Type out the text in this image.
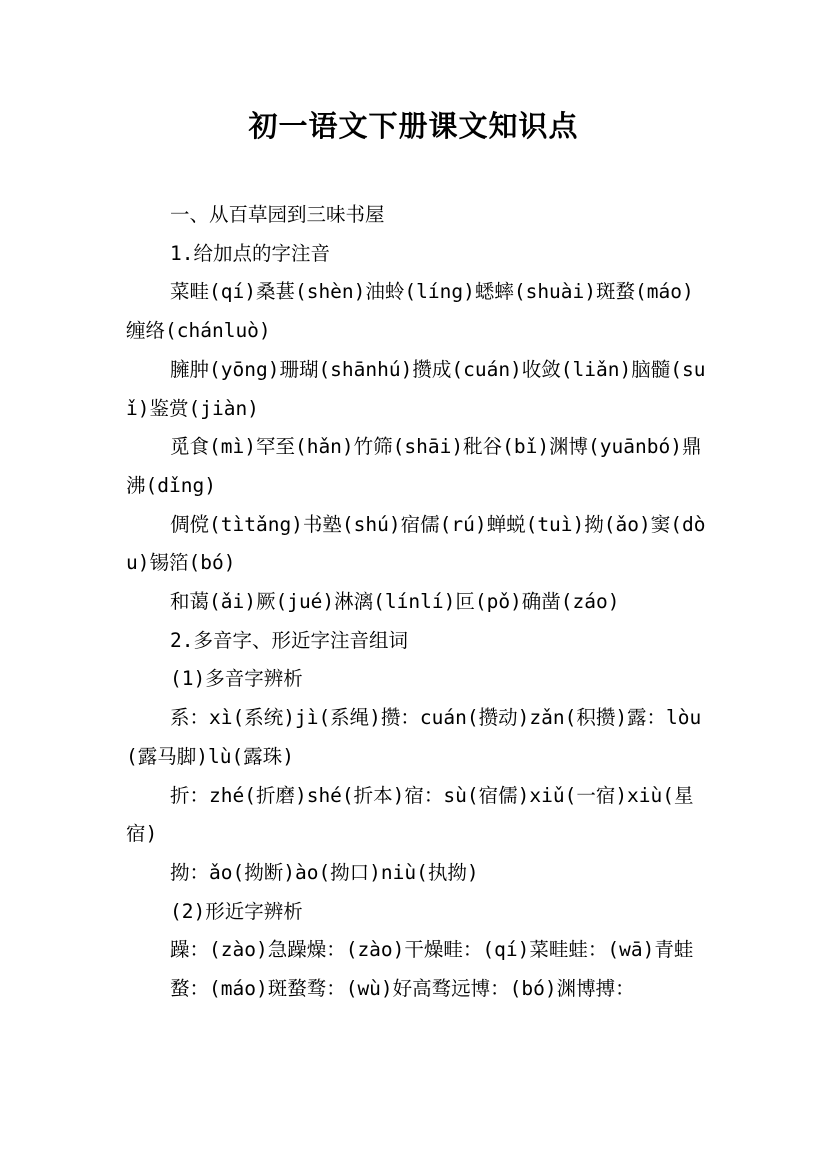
初一语文下册课文知识点

一、从百草园到三味书屋

1.给加点的字注音

菜畦(qí)桑葚(shèn)油蛉(líng)蟋蟀(shuài)斑蝥(máo)缠络(chánluò)

臃肿(yōng)珊瑚(shānhú)攒成(cuán)收敛(liǎn)脑髓(suǐ)鉴赏(jiàn)

觅食(mì)罕至(hǎn)竹筛(shāi)秕谷(bǐ)渊博(yuānbó)鼎沸(dǐng)

倜傥(tìtǎng)书塾(shú)宿儒(rú)蝉蜕(tuì)拗(ǎo)窦(dòu)锡箔(bó)

和蔼(ǎi)厥(jué)淋漓(línlí)叵(pǒ)确凿(záo)

2.多音字、形近字注音组词

(1)多音字辨析

系：xì(系统)jì(系绳)攒：cuán(攒动)zǎn(积攒)露：lòu(露马脚)lù(露珠)

折：zhé(折磨)shé(折本)宿：sù(宿儒)xiǔ(一宿)xiù(星宿)

拗：ǎo(拗断)ào(拗口)niù(执拗)

(2)形近字辨析

躁：(zào)急躁燥：(zào)干燥畦：(qí)菜畦蛙：(wā)青蛙

蝥：(máo)斑蝥骛：(wù)好高骛远博：(bó)渊博搏：
